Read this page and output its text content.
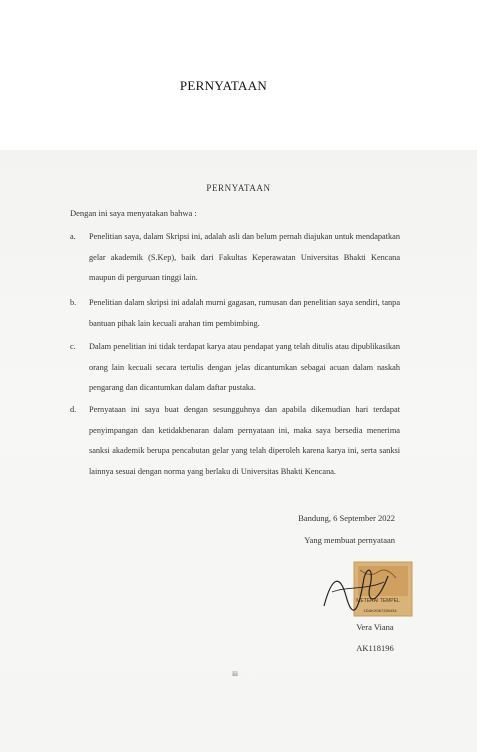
PERNYATAAN
PERNYATAAN
Dengan ini saya menyatakan bahwa :
a. Penelitian saya, dalam Skripsi ini, adalah asli dan belum pernah diajukan untuk mendapatkan gelar akademik (S.Kep), baik dari Fakultas Keperawatan Universitas Bhakti Kencana maupun di perguruan tinggi lain.
b. Penelitian dalam skripsi ini adalah murni gagasan, rumusan dan penelitian saya sendiri, tanpa bantuan pihak lain kecuali arahan tim pembimbing.
c. Dalam penelitian ini tidak terdapat karya atau pendapat yang telah ditulis atau dipublikasikan orang lain kecuali secara tertulis dengan jelas dicantumkan sebagai acuan dalam naskah pengarang dan dicantumkan dalam daftar pustaka.
d. Pernyataan ini saya buat dengan sesungguhnya dan apabila dikemudian hari terdapat penyimpangan dan ketidakbenaran dalam pernyataan ini, maka saya bersedia menerima sanksi akademik berupa pencabutan gelar yang telah diperoleh karena karya ini, serta sanksi lainnya sesuai dengan norma yang berlaku di Universitas Bhakti Kencana.
Bandung, 6 September 2022
Yang membuat pernyataan
METERAI TEMPEL
1DAKX067330434
Vera Viana
AK118196
iii
